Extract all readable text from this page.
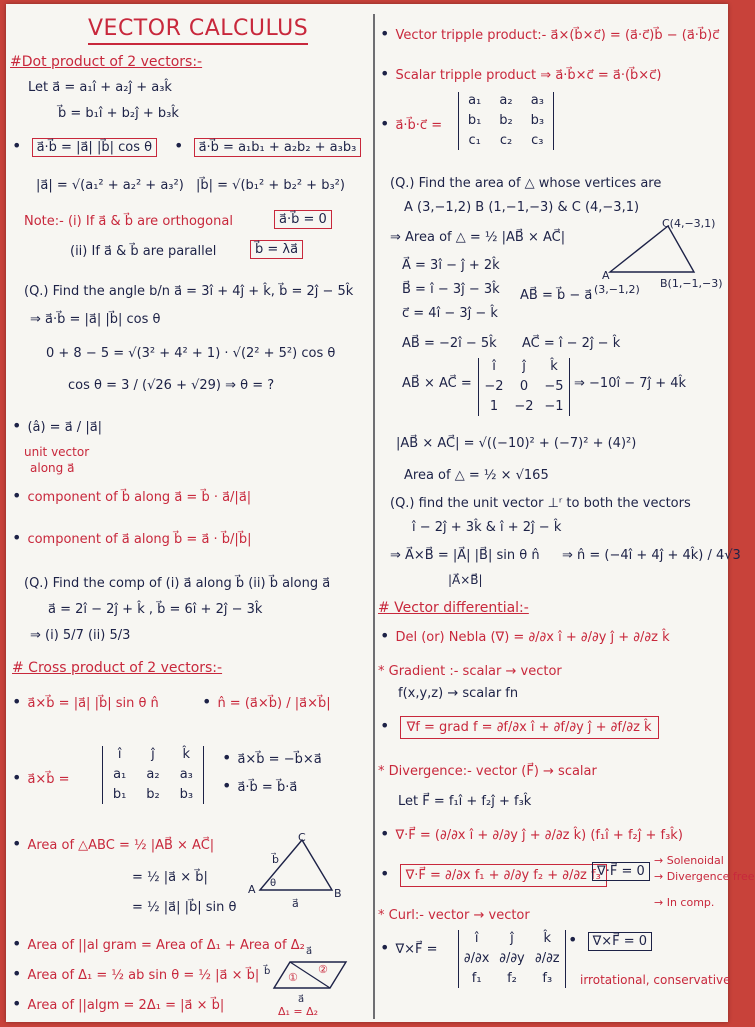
VECTOR CALCULUS
#Dot product of 2 vectors:-
Let a⃗ = a₁î + a₂ĵ + a₃k̂
b⃗ = b₁î + b₂ĵ + b₃k̂
• a⃗·b⃗ = |a⃗| |b⃗| cos θ	• a⃗·b⃗ = a₁b₁ + a₂b₂ + a₃b₃
|a⃗| = √(a₁² + a₂² + a₃²) |b⃗| = √(b₁² + b₂² + b₃²)
Note:- (i) If a⃗ & b⃗ are orthogonal	a⃗·b⃗ = 0
(ii) If a⃗ & b⃗ are parallel	b⃗ = λa⃗
(Q.) Find the angle b/n a⃗ = 3î + 4ĵ + k̂, b⃗ = 2ĵ − 5k̂
⇒ a⃗·b⃗ = |a⃗| |b⃗| cos θ
0 + 8 − 5 = √(3² + 4² + 1) · √(2² + 5²) cos θ
cos θ = 3 / (√26 + √29) ⇒ θ = ?
• (â) = a⃗ / |a⃗|
unit vector
along a⃗
• component of b⃗ along a⃗ = b⃗ · a⃗/|a⃗|
• component of a⃗ along b⃗ = a⃗ · b⃗/|b⃗|
(Q.) Find the comp of (i) a⃗ along b⃗ (ii) b⃗ along a⃗
a⃗ = 2î − 2ĵ + k̂ , b⃗ = 6î + 2ĵ − 3k̂
⇒ (i) 5/7 (ii) 5/3
# Cross product of 2 vectors:-
• a⃗×b⃗ = |a⃗| |b⃗| sin θ n̂	• n̂ = (a⃗×b⃗) / |a⃗×b⃗|
• a⃗×b⃗ =
î	ĵ	k̂
a₁	a₂	a₃
b₁	b₂	b₃
• a⃗×b⃗ = −b⃗×a⃗
• a⃗·b⃗ = b⃗·a⃗
• Area of △ABC = ½ |AB⃗ × AC⃗|
= ½ |a⃗ × b⃗|
= ½ |a⃗| |b⃗| sin θ
C
A	B
b⃗
a⃗
θ
• Area of ||al gram = Area of Δ₁ + Area of Δ₂
• Area of Δ₁ = ½ ab sin θ = ½ |a⃗ × b⃗|
• Area of ||algm = 2Δ₁ = |a⃗ × b⃗|
a⃗
b⃗ ①
②
a⃗
Δ₁ = Δ₂
• Vector tripple product:- a⃗×(b⃗×c⃗) = (a⃗·c⃗)b⃗ − (a⃗·b⃗)c⃗
• Scalar tripple product ⇒ a⃗·b⃗×c⃗ = a⃗·(b⃗×c⃗)
• a⃗·b⃗·c⃗ =
a₁	a₂	a₃
b₁	b₂	b₃
c₁	c₂	c₃
(Q.) Find the area of △ whose vertices are
A (3,−1,2) B (1,−1,−3) & C (4,−3,1)
⇒ Area of △ = ½ |AB⃗ × AC⃗|
A⃗ = 3î − ĵ + 2k̂
B⃗ = î − 3ĵ − 3k̂ AB⃗ = b⃗ − a⃗
c⃗ = 4î − 3ĵ − k̂
C(4,−3,1)
A
(3,−1,2) B(1,−1,−3)
AB⃗ = −2î − 5k̂ AC⃗ = î − 2ĵ − k̂
AB⃗ × AC⃗ =
î	ĵ	k̂
−2	0	−5
1	−2 −1
⇒ −10î − 7ĵ + 4k̂
|AB⃗ × AC⃗| = √((−10)² + (−7)² + (4)²)
Area of △ = ½ × √165
(Q.) find the unit vector ⊥ʳ to both the vectors
î − 2ĵ + 3k̂ & î + 2ĵ − k̂
⇒ A⃗×B⃗ = |A⃗| |B⃗| sin θ n̂
|A⃗×B⃗|
⇒ n̂ = (−4î + 4ĵ + 4k̂) / 4√3
# Vector differential:-
• Del (or) Nebla (∇) = ∂/∂x î + ∂/∂y ĵ + ∂/∂z k̂
* Gradient :- scalar → vector
f(x,y,z) → scalar fn
• ∇f = grad f = ∂f/∂x î + ∂f/∂y ĵ + ∂f/∂z k̂
* Divergence:- vector (F⃗) → scalar
Let F⃗ = f₁î + f₂ĵ + f₃k̂
• ∇·F⃗ = (∂/∂x î + ∂/∂y ĵ + ∂/∂z k̂) (f₁î + f₂ĵ + f₃k̂)
• ∇·F⃗ = ∂/∂x f₁ + ∂/∂y f₂ + ∂/∂z f₃
∇·F⃗ = 0
→ Solenoidal
→ Divergence free
→ In comp.
* Curl:- vector → vector
• ∇×F⃗ =
î	ĵ	k̂
∂/∂x ∂/∂y ∂/∂z
f₁	f₂	f₃
• ∇×F⃗ = 0
irrotational, conservative
